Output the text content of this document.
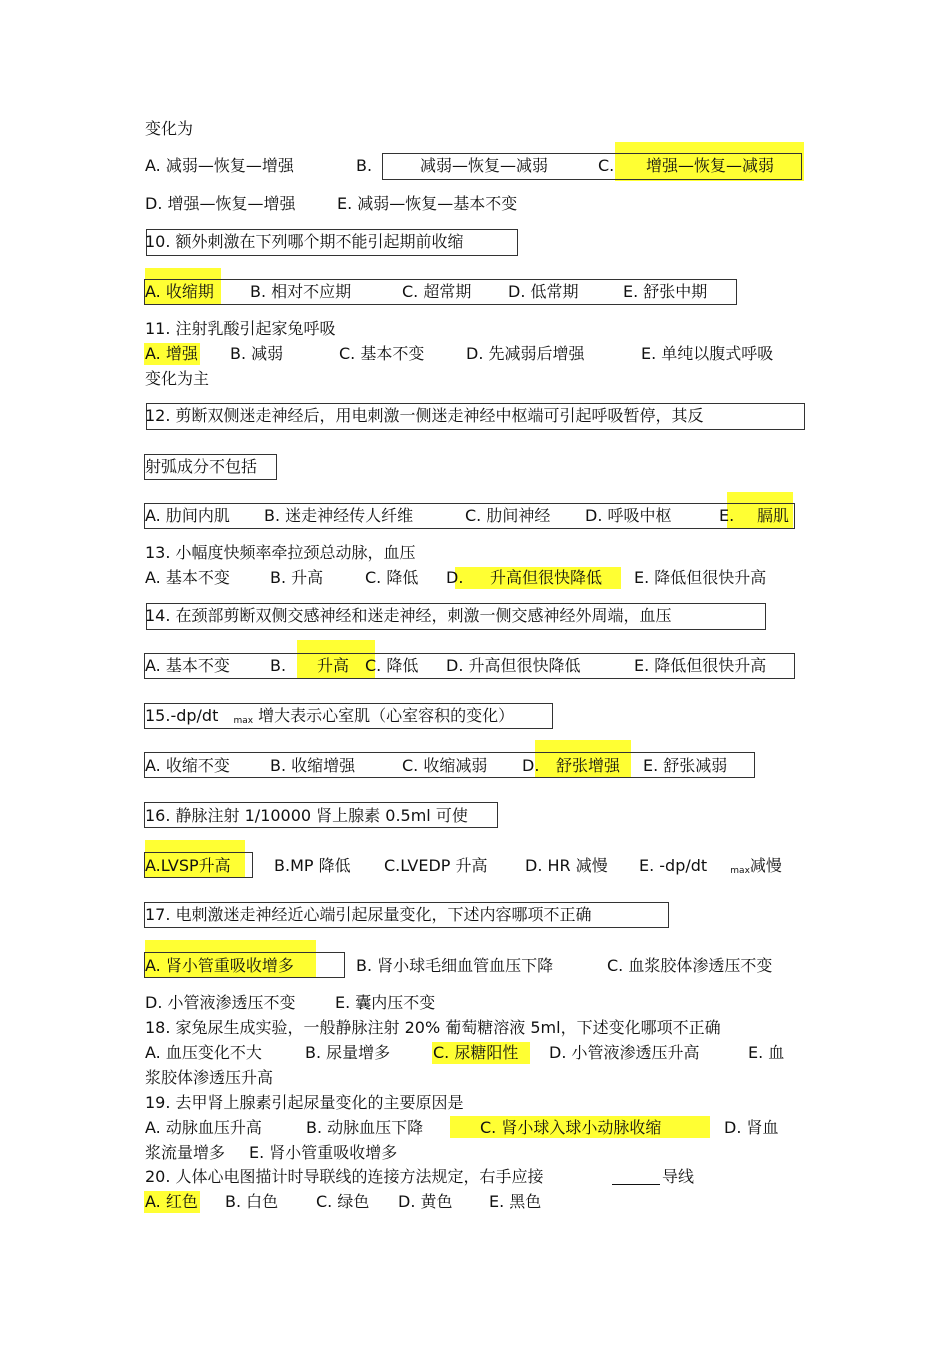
变化为
A. 减弱—恢复—增强	B.	减弱—恢复—减弱	C. 增强—恢复—减弱
D. 增强—恢复—增强	E. 减弱—恢复—基本不变
10. 额外刺激在下列哪个期不能引起期前收缩
A. 收缩期 B. 相对不应期	C. 超常期 D. 低常期	E. 舒张中期
11. 注射乳酸引起家兔呼吸
A. 增强 B. 减弱	C. 基本不变	D. 先减弱后增强	E. 单纯以腹式呼吸
变化为主
12. 剪断双侧迷走神经后，用电刺激一侧迷走神经中枢端可引起呼吸暂停，其反
射弧成分不包括
A. 肋间内肌 B. 迷走神经传人纤维	C. 肋间神经 D. 呼吸中枢	E. 膈肌
13. 小幅度快频率牵拉颈总动脉，血压
A. 基本不变	B. 升高	C. 降低 D. 升高但很快降低 E. 降低但很快升高
14. 在颈部剪断双侧交感神经和迷走神经，刺激一侧交感神经外周端，血压
A. 基本不变	B. 升高 C. 降低 D. 升高但很快降低	E. 降低但很快升高
15.-dp/dt $_{max}$ 增大表示心室肌（心室容积的变化）
A. 收缩不变	B. 收缩增强	C. 收缩减弱 D. 舒张增强 E. 舒张减弱
16. 静脉注射 1/10000 肾上腺素 0.5ml 可使
A.LVSP升高	B.MP 降低 C.LVEDP 升高 D. HR 减慢 E. -dp/dt	$_{max}$减慢
17. 电刺激迷走神经近心端引起尿量变化，下述内容哪项不正确
A. 肾小管重吸收增多	B. 肾小球毛细血管血压下降	C. 血浆胶体渗透压不变
D. 小管液渗透压不变 E. 囊内压不变
18. 家兔尿生成实验，一般静脉注射 20% 葡萄糖溶液 5ml，下述变化哪项不正确
A. 血压变化不大	B. 尿量增多	C. 尿糖阳性 D. 小管液渗透压升高	E. 血
浆胶体渗透压升高
19. 去甲肾上腺素引起尿量变化的主要原因是
A. 动脉血压升高	B. 动脉血压下降	C. 肾小球入球小动脉收缩	D. 肾血
浆流量增多 E. 肾小管重吸收增多
20. 人体心电图描计时导联线的连接方法规定，右手应接	导线
A. 红色 B. 白色 C. 绿色 D. 黄色 E. 黑色
